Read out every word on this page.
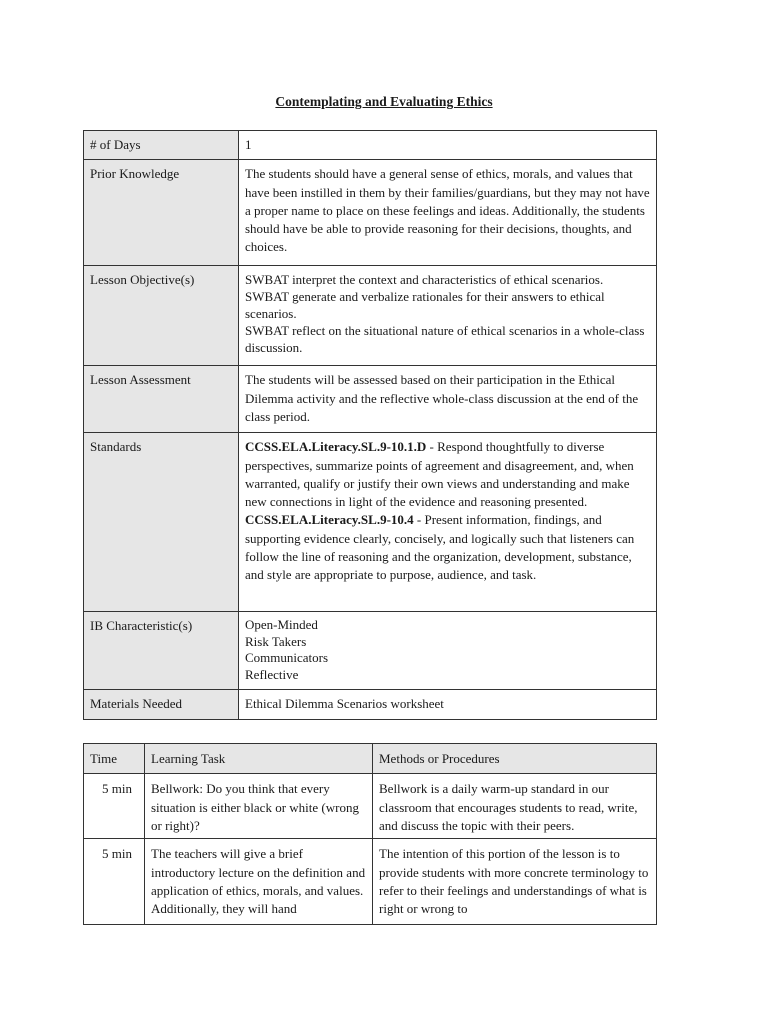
Contemplating and Evaluating Ethics
# of Days	1
Prior Knowledge	The students should have a general sense of ethics, morals, and values that have been instilled in them by their families/guardians, but they may not have a proper name to place on these feelings and ideas. Additionally, the students should have be able to provide reasoning for their decisions, thoughts, and choices.
Lesson Objective(s)	SWBAT interpret the context and characteristics of ethical scenarios.
SWBAT generate and verbalize rationales for their answers to ethical scenarios.
SWBAT reflect on the situational nature of ethical scenarios in a whole-class discussion.

Lesson Assessment	The students will be assessed based on their participation in the Ethical Dilemma activity and the reflective whole-class discussion at the end of the class period.
Standards	CCSS.ELA.Literacy.SL.9-10.1.D - Respond thoughtfully to diverse perspectives, summarize points of agreement and disagreement, and, when warranted, qualify or justify their own views and understanding and make new connections in light of the evidence and reasoning presented.
CCSS.ELA.Literacy.SL.9-10.4 - Present information, findings, and supporting evidence clearly, concisely, and logically such that listeners can follow the line of reasoning and the organization, development, substance, and style are appropriate to purpose, audience, and task.

IB Characteristic(s)	Open-Minded
Risk Takers
Communicators
Reflective

Materials Needed	Ethical Dilemma Scenarios worksheet
Time	Learning Task	Methods or Procedures
5 min	Bellwork: Do you think that every situation is either black or white (wrong or right)?	Bellwork is a daily warm-up standard in our classroom that encourages students to read, write, and discuss the topic with their peers.
5 min	The teachers will give a brief introductory lecture on the definition and application of ethics, morals, and values. Additionally, they will hand	The intention of this portion of the lesson is to provide students with more concrete terminology to refer to their feelings and understandings of what is right or wrong to
